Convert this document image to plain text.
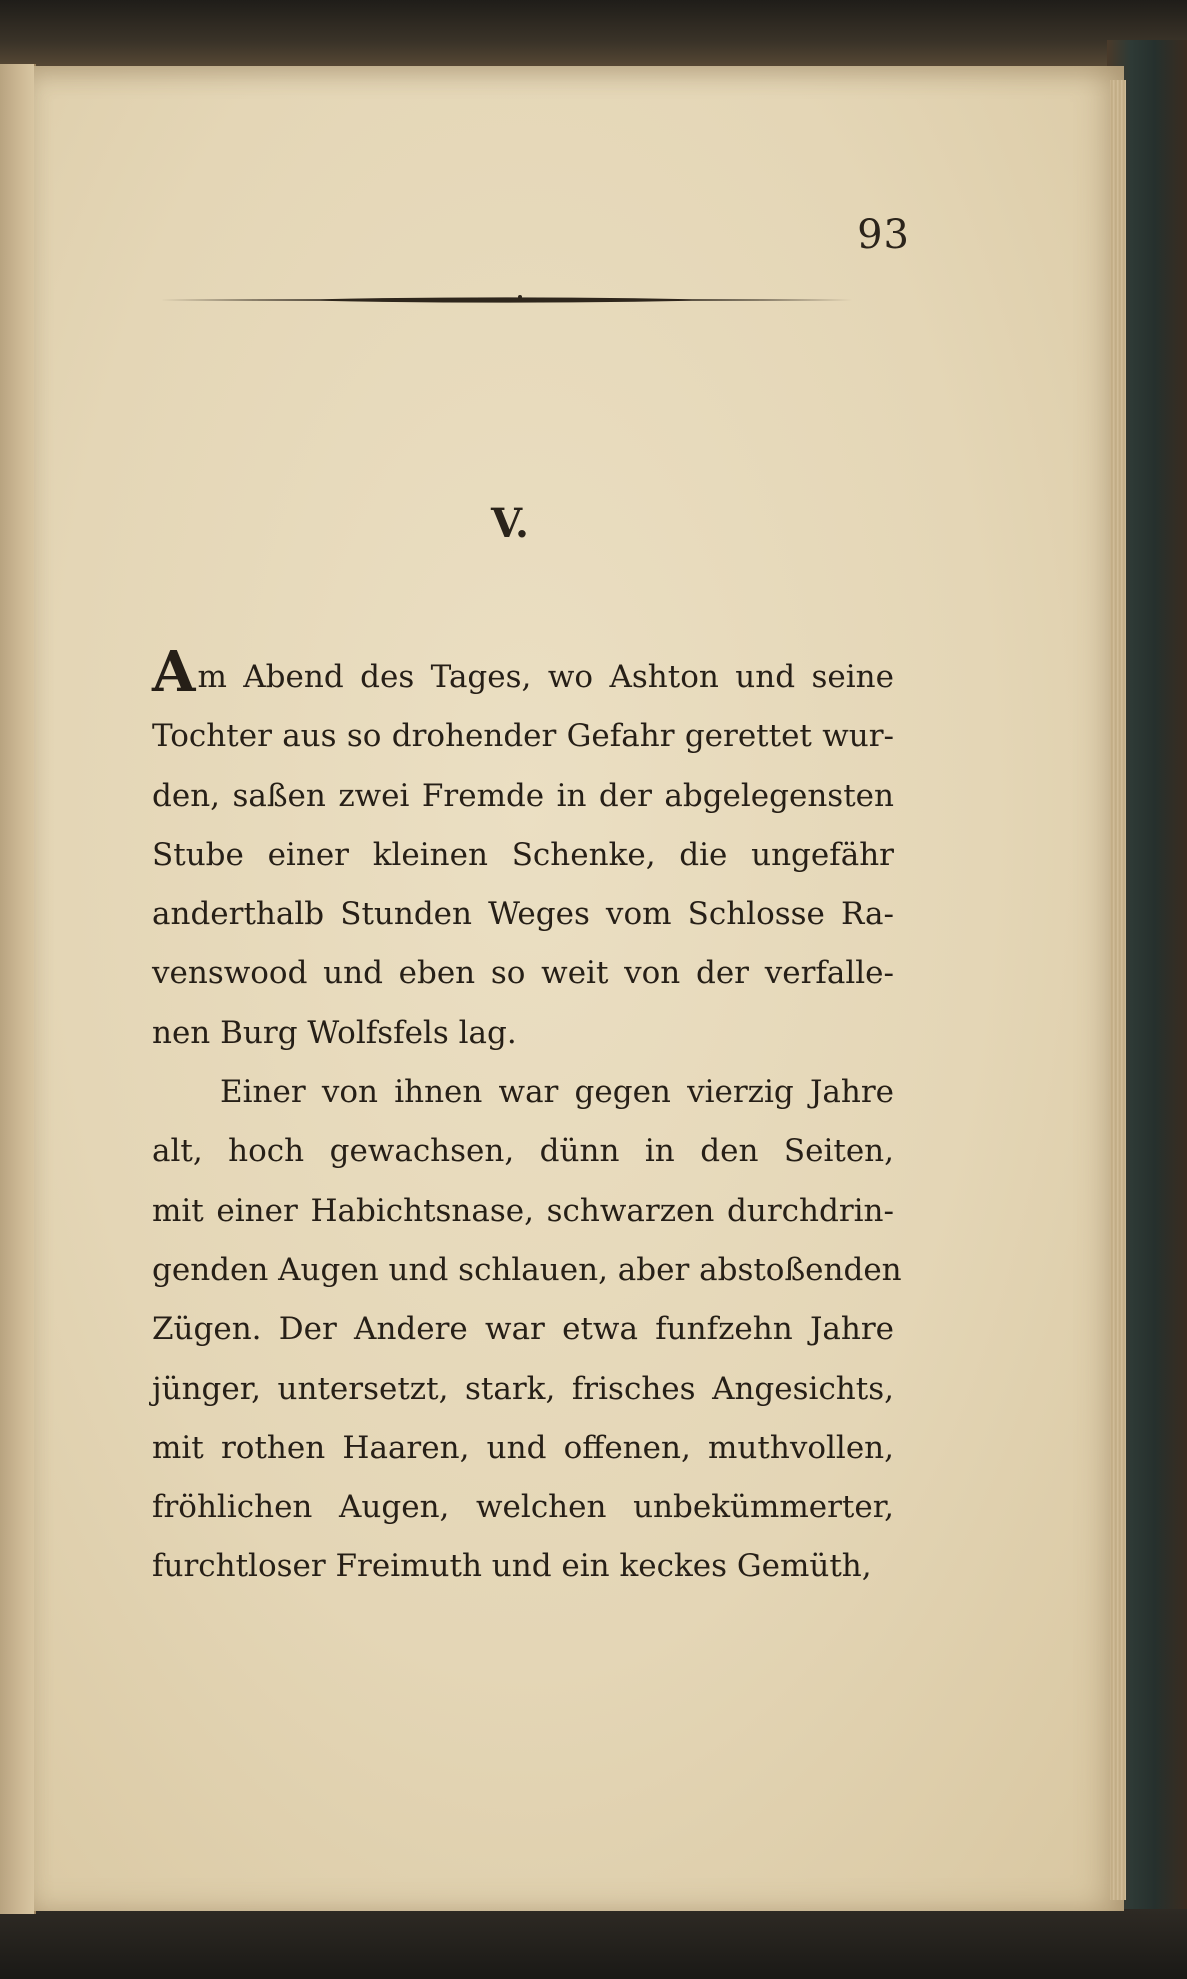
93
V.
Am Abend des Tages, wo Ashton und seine
Tochter aus so drohender Gefahr gerettet wur-
den, saßen zwei Fremde in der abgelegensten
Stube einer kleinen Schenke, die ungefähr
anderthalb Stunden Weges vom Schlosse Ra-
venswood und eben so weit von der verfalle-
nen Burg Wolfsfels lag.
Einer von ihnen war gegen vierzig Jahre
alt, hoch gewachsen, dünn in den Seiten,
mit einer Habichtsnase, schwarzen durchdrin-
genden Augen und schlauen, aber abstoßenden
Zügen. Der Andere war etwa funfzehn Jahre
jünger, untersetzt, stark, frisches Angesichts,
mit rothen Haaren, und offenen, muthvollen,
fröhlichen Augen, welchen unbekümmerter,
furchtloser Freimuth und ein keckes Gemüth,
